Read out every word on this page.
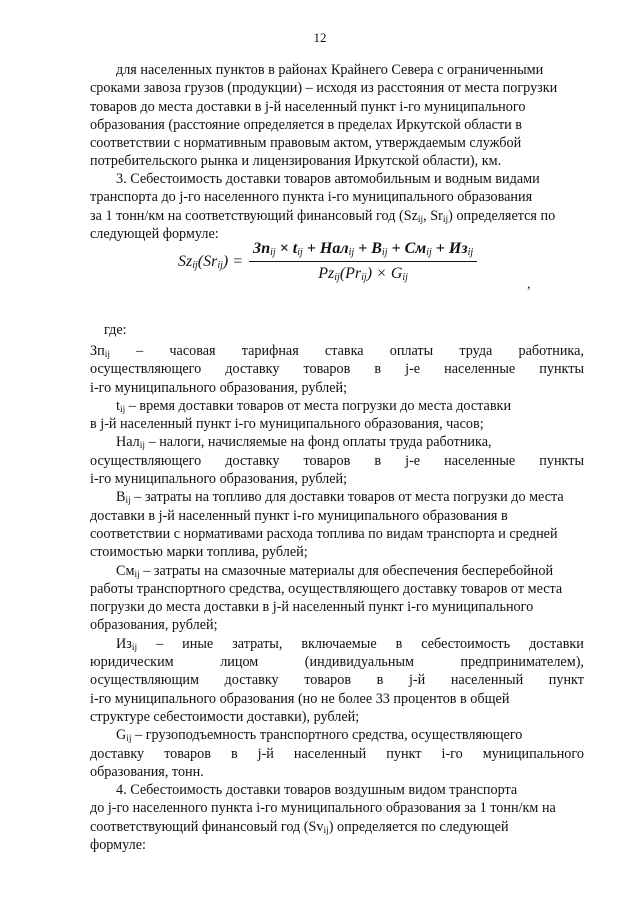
12

для населенных пунктов в районах Крайнего Севера с ограниченными

сроками завоза грузов (продукции) – исходя из расстояния от места погрузки

товаров до места доставки в j-й населенный пункт i-го муниципального

образования (расстояние определяется в пределах Иркутской области в

соответствии с нормативным правовым актом, утверждаемым службой

потребительского рынка и лицензирования Иркутской области), км.

3. Себестоимость доставки товаров автомобильным и водным видами

транспорта до j-го населенного пункта i-го муниципального образования

за 1 тонн/км на соответствующий финансовый год ($Sz_{ij}$, $Sr_{ij}$) определяется по

следующей формуле:

$Sz_{ij}(Sr_{ij}) = \frac{Зп_{ij} \times t_{ij} + Нал_{ij} + B_{ij} + См_{ij} + Из_{ij}}{Pz_{ij}(Pr_{ij}) \times G_{ij}}$
,
где:
$Зп_{ij}$ – часовая тарифная ставка оплаты труда работника,
осуществляющего доставку товаров в j-е населенные пункты

i-го муниципального образования, рублей;

$t_{ij}$ – время доставки товаров от места погрузки до места доставки

в j-й населенный пункт i-го муниципального образования, часов;

Нал$_{ij}$ – налоги, начисляемые на фонд оплаты труда работника,

осуществляющего доставку товаров в j-е населенные пункты

i-го муниципального образования, рублей;

$B_{ij}$ – затраты на топливо для доставки товаров от места погрузки до места

доставки в j-й населенный пункт i-го муниципального образования в

соответствии с нормативами расхода топлива по видам транспорта и средней

стоимостью марки топлива, рублей;

$См_{ij}$ – затраты на смазочные материалы для обеспечения бесперебойной

работы транспортного средства, осуществляющего доставку товаров от места

погрузки до места доставки в j-й населенный пункт i-го муниципального

образования, рублей;

$Из_{ij}$ – иные затраты, включаемые в себестоимость доставки
юридическим	лицом	(индивидуальным	предпринимателем),
осуществляющим доставку товаров в j-й населенный пункт

i-го муниципального образования (но не более 33 процентов в общей

структуре себестоимости доставки), рублей;

$G_{ij}$ – грузоподъемность транспортного средства, осуществляющего

доставку товаров в j-й населенный пункт i-го муниципального

образования, тонн.

4. Себестоимость доставки товаров воздушным видом транспорта

до j-го населенного пункта i-го муниципального образования за 1 тонн/км на

соответствующий финансовый год $(Sv_{ij})$ определяется по следующей

формуле:
